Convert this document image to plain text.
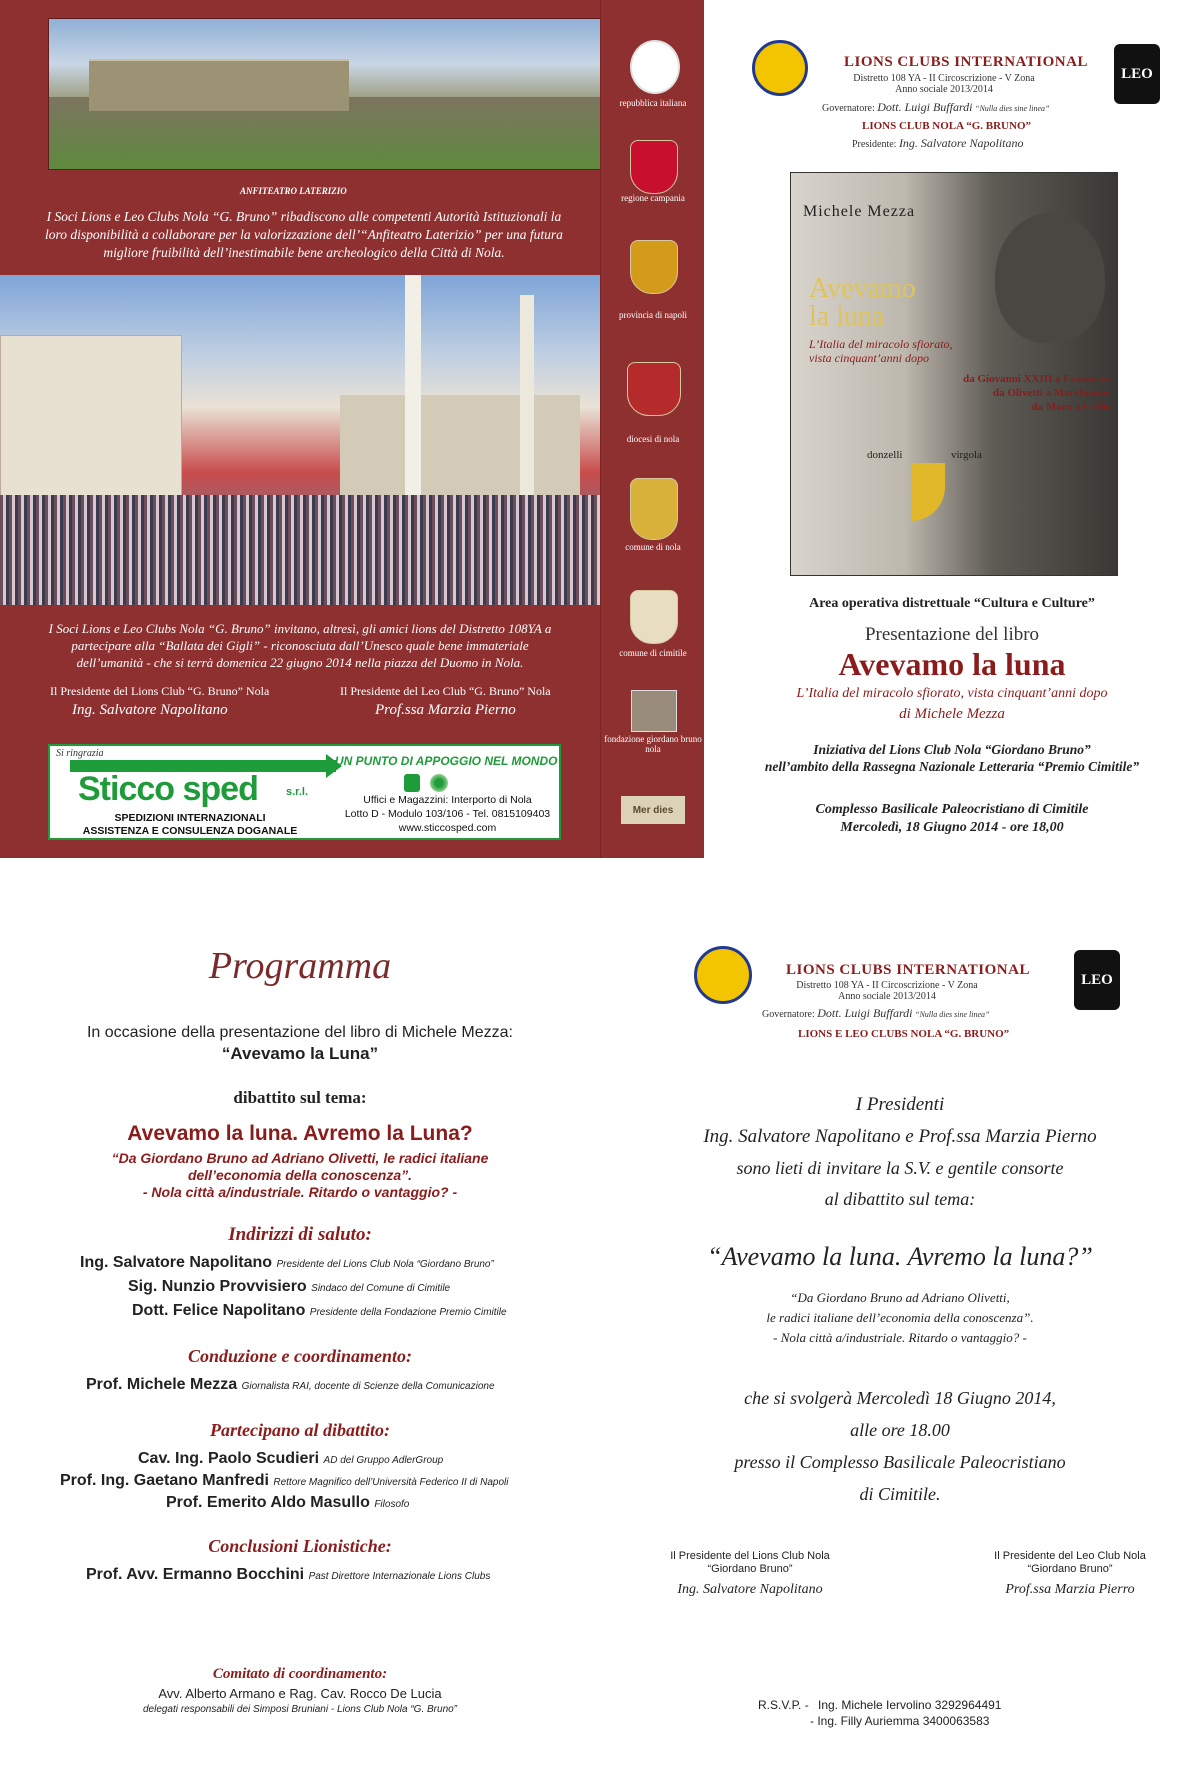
ANFITEATRO LATERIZIO
I Soci Lions e Leo Clubs Nola “G. Bruno” ribadiscono alle competenti Autorità Istituzionali la loro disponibilità a collaborare per la valorizzazione dell’“Anfiteatro Laterizio” per una futura migliore fruibilità dell’inestimabile bene archeologico della Città di Nola.
I Soci Lions e Leo Clubs Nola “G. Bruno” invitano, altresì, gli amici lions del Distretto 108YA a partecipare alla “Ballata dei Gigli” - riconosciuta dall’Unesco quale bene immateriale dell’umanità - che si terrà domenica 22 giugno 2014 nella piazza del Duomo in Nola.
Il Presidente del Lions Club “G. Bruno” Nola
Ing. Salvatore Napolitano
Il Presidente del Leo Club “G. Bruno” Nola
Prof.ssa Marzia Pierno
Si ringrazia
Sticco sped	s.r.l.
SPEDIZIONI INTERNAZIONALI
ASSISTENZA E CONSULENZA DOGANALE
UN PUNTO DI APPOGGIO NEL MONDO
Uffici e Magazzini: Interporto di Nola
Lotto D - Modulo 103/106 - Tel. 0815109403
www.sticcosped.com
repubblica italiana
regione campania
provincia di napoli
diocesi di nola
comune di nola
comune di cimitile
fondazione giordano bruno nola
Mer dies
LIONS CLUBS INTERNATIONAL
Distretto 108 YA - II Circoscrizione - V Zona
Anno sociale 2013/2014
Governatore: Dott. Luigi Buffardi “Nulla dies sine linea”
LIONS CLUB NOLA “G. BRUNO”
Presidente: Ing. Salvatore Napolitano
LEO
Michele Mezza
Avevamo
la luna
L’Italia del miracolo sfiorato,
vista cinquant’anni dopo
da Giovanni XXIII a Francesco
da Olivetti a Marchionne
da Moro a Grillo
donzelli	virgola
Area operativa distrettuale “Cultura e Culture”
Presentazione del libro
Avevamo la luna
L’Italia del miracolo sfiorato, vista cinquant’anni dopo
di Michele Mezza
Iniziativa del Lions Club Nola “Giordano Bruno”
nell’ambito della Rassegna Nazionale Letteraria “Premio Cimitile”
Complesso Basilicale Paleocristiano di Cimitile
Mercoledì, 18 Giugno 2014 - ore 18,00
Programma
In occasione della presentazione del libro di Michele Mezza:
“Avevamo la Luna”
dibattito sul tema:
Avevamo la luna. Avremo la Luna?
“Da Giordano Bruno ad Adriano Olivetti, le radici italiane
dell’economia della conoscenza”.
- Nola città a/industriale. Ritardo o vantaggio? -
Indirizzi di saluto:
Ing. Salvatore Napolitano Presidente del Lions Club Nola “Giordano Bruno”
Sig. Nunzio Provvisiero Sindaco del Comune di Cimitile
Dott. Felice Napolitano Presidente della Fondazione Premio Cimitile
Conduzione e coordinamento:
Prof. Michele Mezza Giornalista RAI, docente di Scienze della Comunicazione
Partecipano al dibattito:
Cav. Ing. Paolo Scudieri AD del Gruppo AdlerGroup
Prof. Ing. Gaetano Manfredi Rettore Magnifico dell’Università Federico II di Napoli
Prof. Emerito Aldo Masullo Filosofo
Conclusioni Lionistiche:
Prof. Avv. Ermanno Bocchini Past Direttore Internazionale Lions Clubs
Comitato di coordinamento:
Avv. Alberto Armano e Rag. Cav. Rocco De Lucia
delegati responsabili dei Simposi Bruniani - Lions Club Nola “G. Bruno”
LIONS CLUBS INTERNATIONAL
Distretto 108 YA - II Circoscrizione - V Zona
Anno sociale 2013/2014
Governatore: Dott. Luigi Buffardi “Nulla dies sine linea”
LIONS E LEO CLUBS NOLA “G. BRUNO”
LEO
I Presidenti
Ing. Salvatore Napolitano e Prof.ssa Marzia Pierno
sono lieti di invitare la S.V. e gentile consorte
al dibattito sul tema:
“Avevamo la luna. Avremo la luna?”
“Da Giordano Bruno ad Adriano Olivetti,
le radici italiane dell’economia della conoscenza”.
- Nola città a/industriale. Ritardo o vantaggio? -
che si svolgerà Mercoledì 18 Giugno 2014,
alle ore 18.00
presso il Complesso Basilicale Paleocristiano
di Cimitile.
Il Presidente del Lions Club Nola
“Giordano Bruno”
Ing. Salvatore Napolitano
Il Presidente del Leo Club Nola
“Giordano Bruno”
Prof.ssa Marzia Pierro
R.S.V.P. - Ing. Michele Iervolino 3292964491
- Ing. Filly Auriemma 3400063583
